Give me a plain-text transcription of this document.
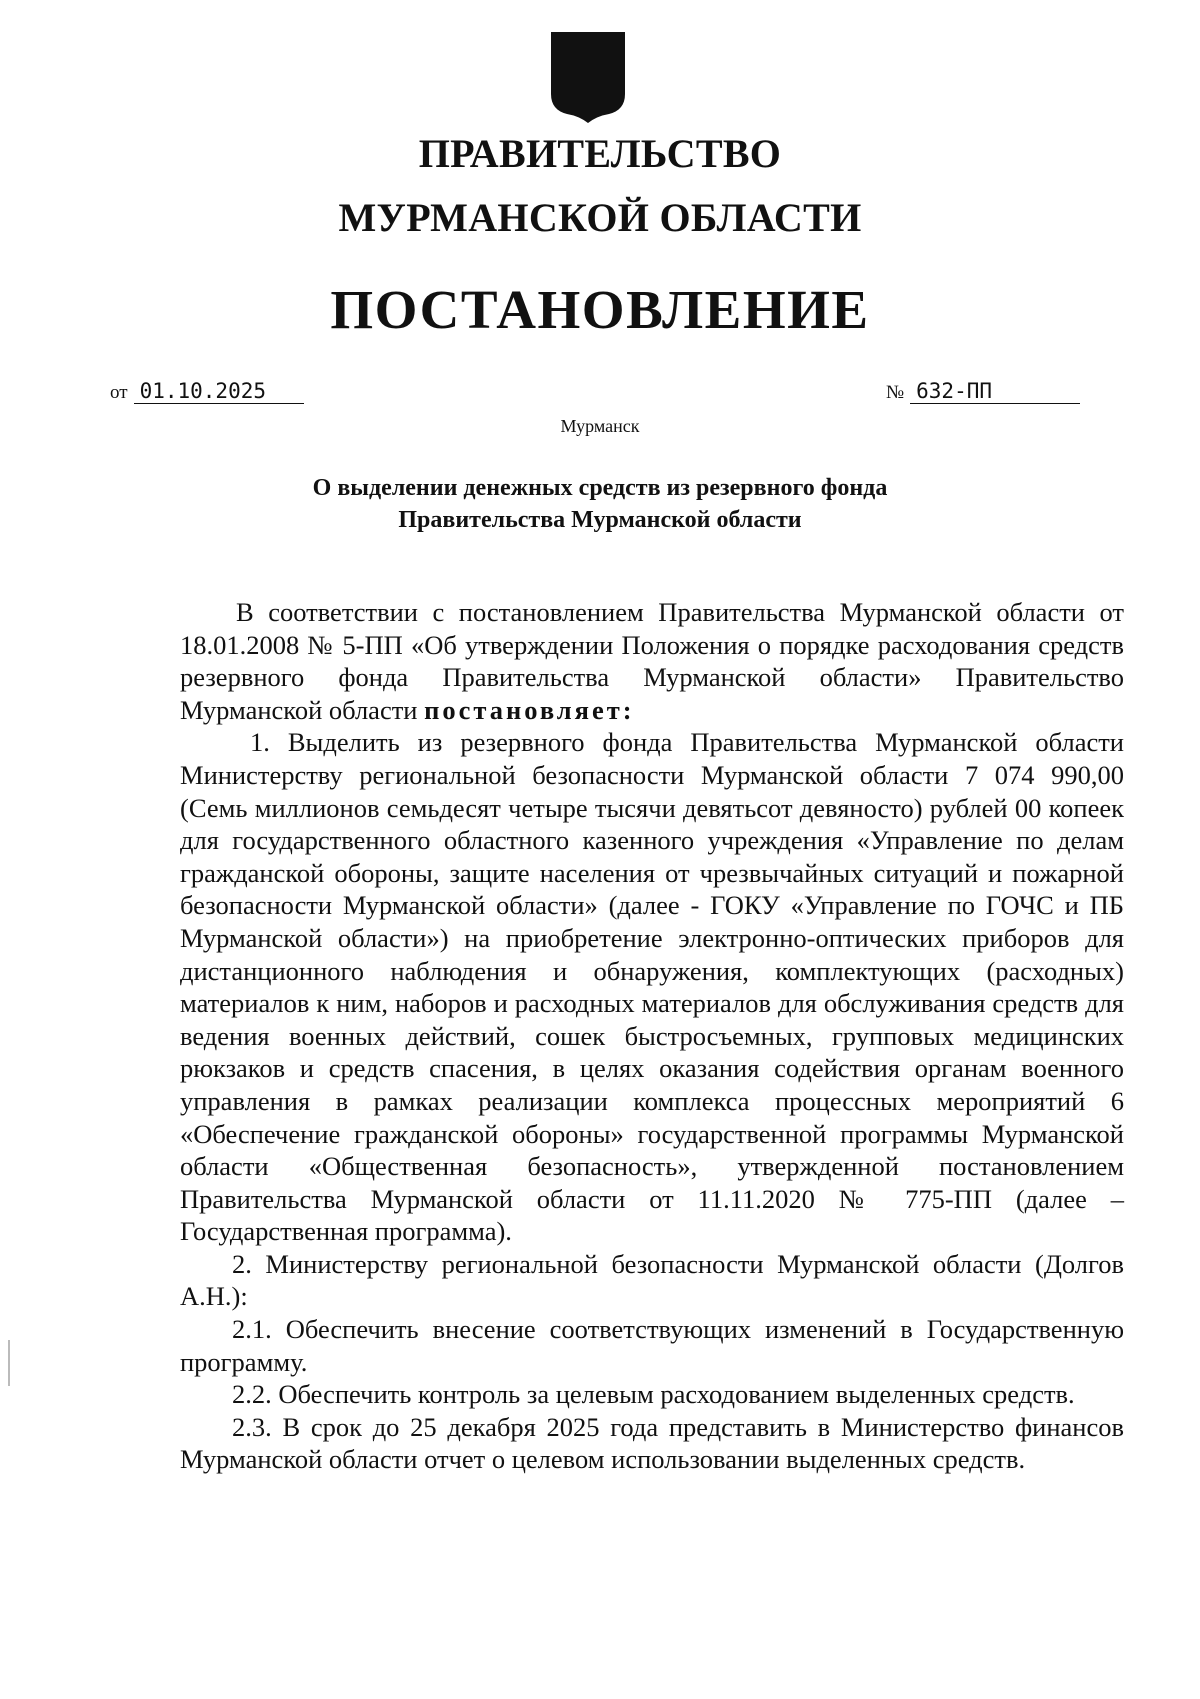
ПРАВИТЕЛЬСТВО
МУРМАНСКОЙ ОБЛАСТИ
ПОСТАНОВЛЕНИЕ
от 01.10.2025	№ 632-ПП
Мурманск
О выделении денежных средств из резервного фонда
Правительства Мурманской области

В соответствии с постановлением Правительства Мурманской области от 18.01.2008 № 5-ПП «Об утверждении Положения о порядке расходования средств резервного фонда Правительства Мурманской области» Правительство Мурманской области постановляет:

1. Выделить из резервного фонда Правительства Мурманской области Министерству региональной безопасности Мурманской области 7 074 990,00 (Семь миллионов семьдесят четыре тысячи девятьсот девяносто) рублей 00 копеек для государственного областного казенного учреждения «Управление по делам гражданской обороны, защите населения от чрезвычайных ситуаций и пожарной безопасности Мурманской области» (далее - ГОКУ «Управление по ГОЧС и ПБ Мурманской области») на приобретение электронно-оптических приборов для дистанционного наблюдения и обнаружения, комплектующих (расходных) материалов к ним, наборов и расходных материалов для обслуживания средств для ведения военных действий, сошек быстросъемных, групповых медицинских рюкзаков и средств спасения, в целях оказания содействия органам военного управления в рамках реализации комплекса процессных мероприятий 6 «Обеспечение гражданской обороны» государственной программы Мурманской области «Общественная безопасность», утвержденной постановлением Правительства Мурманской области от 11.11.2020 № 775-ПП (далее – Государственная программа).

2. Министерству региональной безопасности Мурманской области (Долгов А.Н.):

2.1. Обеспечить внесение соответствующих изменений в Государственную программу.

2.2. Обеспечить контроль за целевым расходованием выделенных средств.

2.3. В срок до 25 декабря 2025 года представить в Министерство финансов Мурманской области отчет о целевом использовании выделенных средств.
